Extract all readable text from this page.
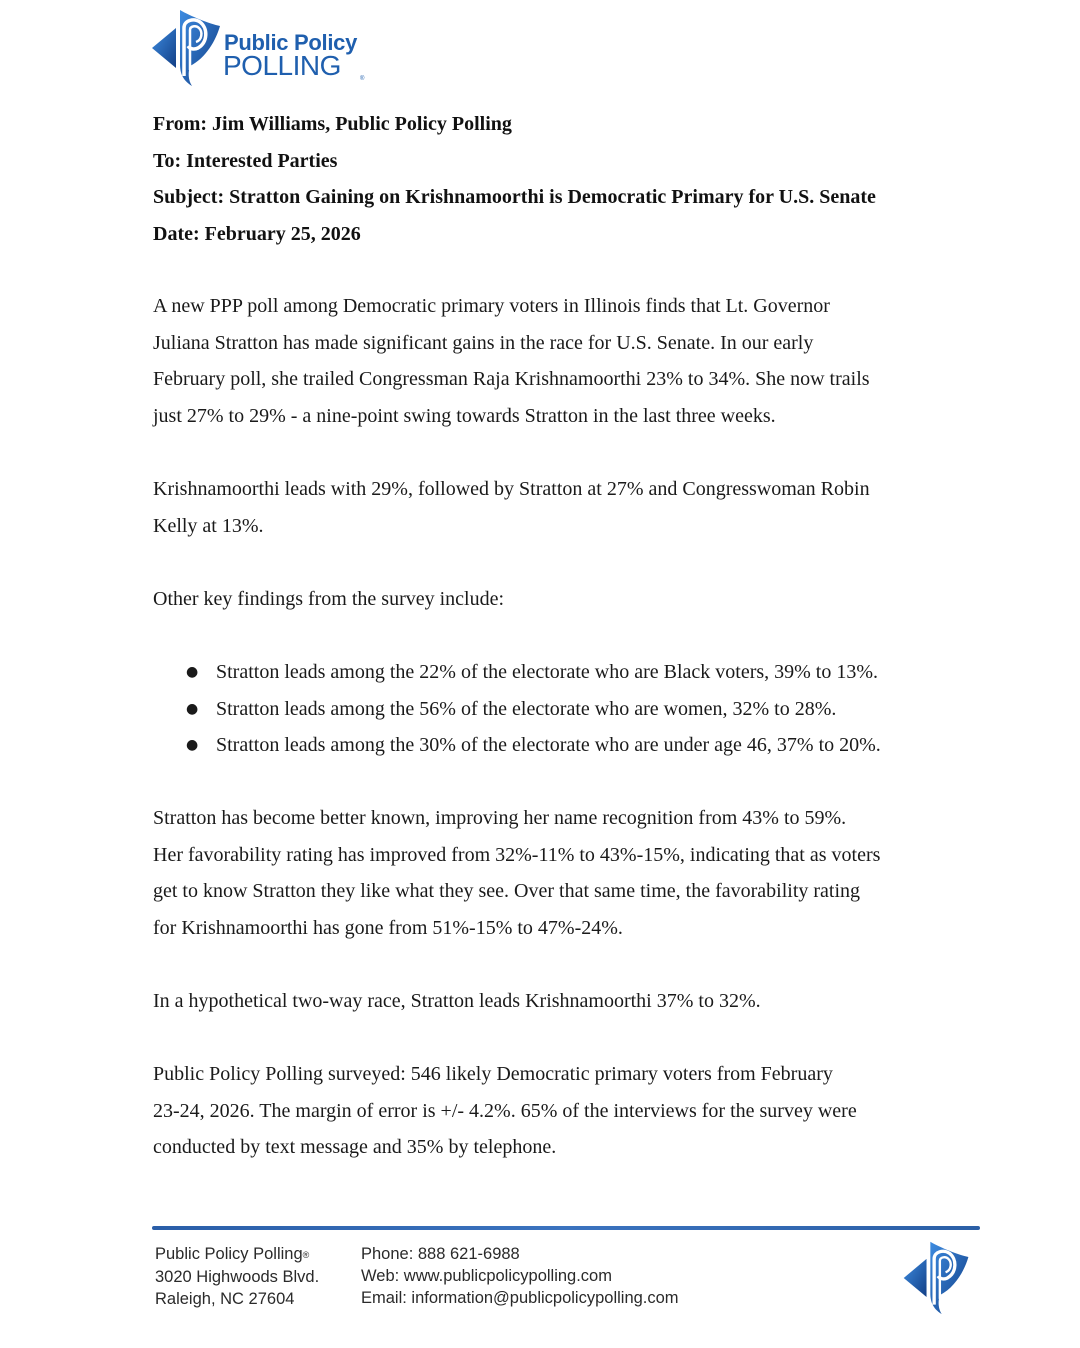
Public Policy
POLLING	®
From: Jim Williams, Public Policy Polling
To: Interested Parties
Subject: Stratton Gaining on Krishnamoorthi is Democratic Primary for U.S. Senate
Date: February 25, 2026
A new PPP poll among Democratic primary voters in Illinois finds that Lt. Governor
Juliana Stratton has made significant gains in the race for U.S. Senate. In our early
February poll, she trailed Congressman Raja Krishnamoorthi 23% to 34%. She now trails
just 27% to 29% - a nine-point swing towards Stratton in the last three weeks.
Krishnamoorthi leads with 29%, followed by Stratton at 27% and Congresswoman Robin
Kelly at 13%.
Other key findings from the survey include:
● Stratton leads among the 22% of the electorate who are Black voters, 39% to 13%.
● Stratton leads among the 56% of the electorate who are women, 32% to 28%.
● Stratton leads among the 30% of the electorate who are under age 46, 37% to 20%.
Stratton has become better known, improving her name recognition from 43% to 59%.
Her favorability rating has improved from 32%-11% to 43%-15%, indicating that as voters
get to know Stratton they like what they see. Over that same time, the favorability rating
for Krishnamoorthi has gone from 51%-15% to 47%-24%.
In a hypothetical two-way race, Stratton leads Krishnamoorthi 37% to 32%.
Public Policy Polling surveyed: 546 likely Democratic primary voters from February
23-24, 2026. The margin of error is +/- 4.2%. 65% of the interviews for the survey were
conducted by text message and 35% by telephone.
Public Policy Polling®
3020 Highwoods Blvd.
Raleigh, NC 27604
Phone: 888 621-6988
Web: www.publicpolicypolling.com
Email: information@publicpolicypolling.com
